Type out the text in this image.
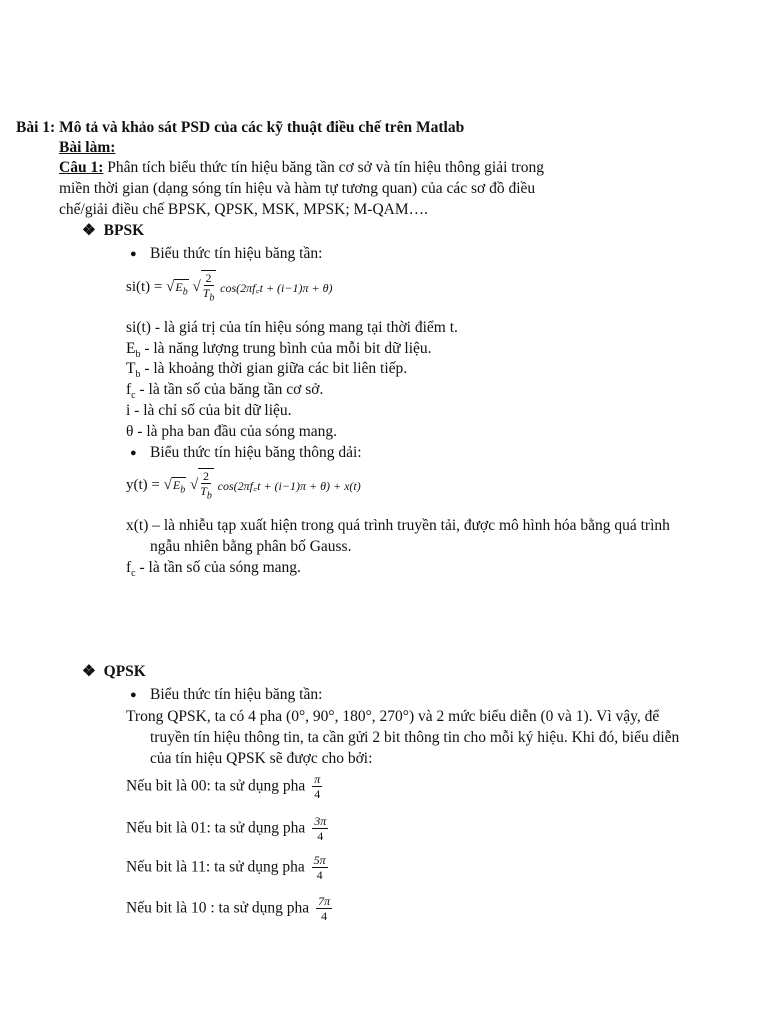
Bài 1: Mô tả và khảo sát PSD của các kỹ thuật điều chế trên Matlab
Bài làm:
Câu 1: Phân tích biểu thức tín hiệu băng tần cơ sở và tín hiệu thông giải trong
miền thời gian (dạng sóng tín hiệu và hàm tự tương quan) của các sơ đồ điều
chế/giải điều chế BPSK, QPSK, MSK, MPSK; M-QAM….
❖ BPSK
● Biểu thức tín hiệu băng tần:
$si(t) = √E_b$ √ $\frac{2}{T_b}$ cos(2πf꜀t + (i−1)π + θ)
si(t) - là giá trị của tín hiệu sóng mang tại thời điểm t.
$E_b$ - là năng lượng trung bình của mỗi bit dữ liệu.
$T_b$ - là khoảng thời gian giữa các bit liên tiếp.
$f_c$ - là tần số của băng tần cơ sở.
i - là chỉ số của bit dữ liệu.
θ - là pha ban đầu của sóng mang.
● Biểu thức tín hiệu băng thông dải:
$y(t) = √E_b$ √ $\frac{2}{T_b}$ cos(2πf꜀t + (i−1)π + θ) + x(t)
x(t) – là nhiễu tạp xuất hiện trong quá trình truyền tải, được mô hình hóa bằng quá trình
ngẫu nhiên bằng phân bố Gauss.
$f_c$ - là tần số của sóng mang.
❖ QPSK
● Biểu thức tín hiệu băng tần:
Trong QPSK, ta có 4 pha (0°, 90°, 180°, 270°) và 2 mức biểu diễn (0 và 1). Vì vậy, để
truyền tín hiệu thông tin, ta cần gửi 2 bit thông tin cho mỗi ký hiệu. Khi đó, biểu diễn
của tín hiệu QPSK sẽ được cho bởi:
Nếu bit là 00: ta sử dụng pha $\frac{\pi}{4}$
Nếu bit là 01: ta sử dụng pha $\frac{3\pi}{4}$
Nếu bit là 11: ta sử dụng pha $\frac{5\pi}{4}$
Nếu bit là 10 : ta sử dụng pha $\frac{7\pi}{4}$
